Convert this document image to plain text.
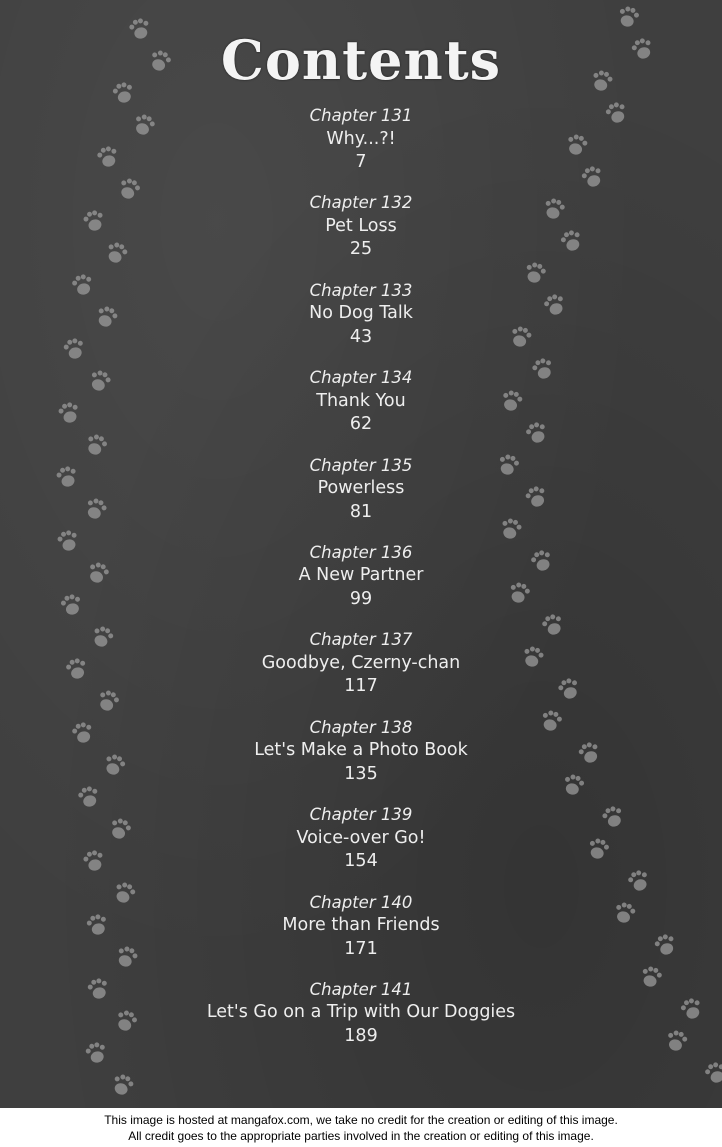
Contents
Chapter 131
Why...?!
7
Chapter 132
Pet Loss
25
Chapter 133
No Dog Talk
43
Chapter 134
Thank You
62
Chapter 135
Powerless
81
Chapter 136
A New Partner
99
Chapter 137
Goodbye, Czerny-chan
117
Chapter 138
Let's Make a Photo Book
135
Chapter 139
Voice-over Go!
154
Chapter 140
More than Friends
171
Chapter 141
Let's Go on a Trip with Our Doggies
189
This image is hosted at mangafox.com, we take no credit for the creation or editing of this image.
All credit goes to the appropriate parties involved in the creation or editing of this image.
